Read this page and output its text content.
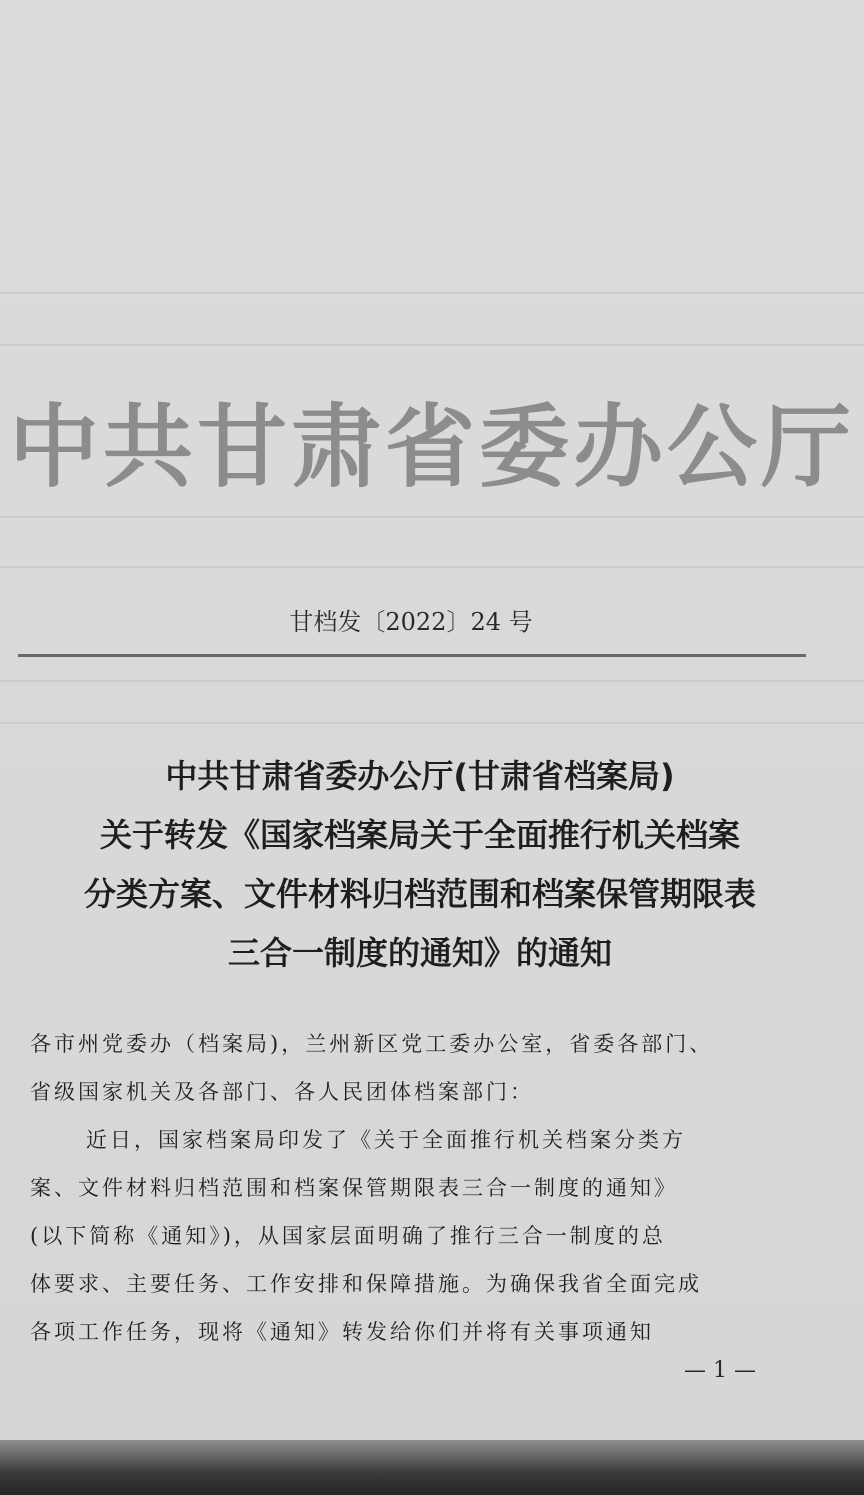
中共甘肃省委办公厅
甘档发〔2022〕24 号
中共甘肃省委办公厅(甘肃省档案局)
关于转发《国家档案局关于全面推行机关档案
分类方案、文件材料归档范围和档案保管期限表
三合一制度的通知》的通知
各市州党委办（档案局)，兰州新区党工委办公室，省委各部门、
省级国家机关及各部门、各人民团体档案部门：
近日，国家档案局印发了《关于全面推行机关档案分类方
案、文件材料归档范围和档案保管期限表三合一制度的通知》
(以下简称《通知》)，从国家层面明确了推行三合一制度的总
体要求、主要任务、工作安排和保障措施。为确保我省全面完成
各项工作任务，现将《通知》转发给你们并将有关事项通知
— 1 —
